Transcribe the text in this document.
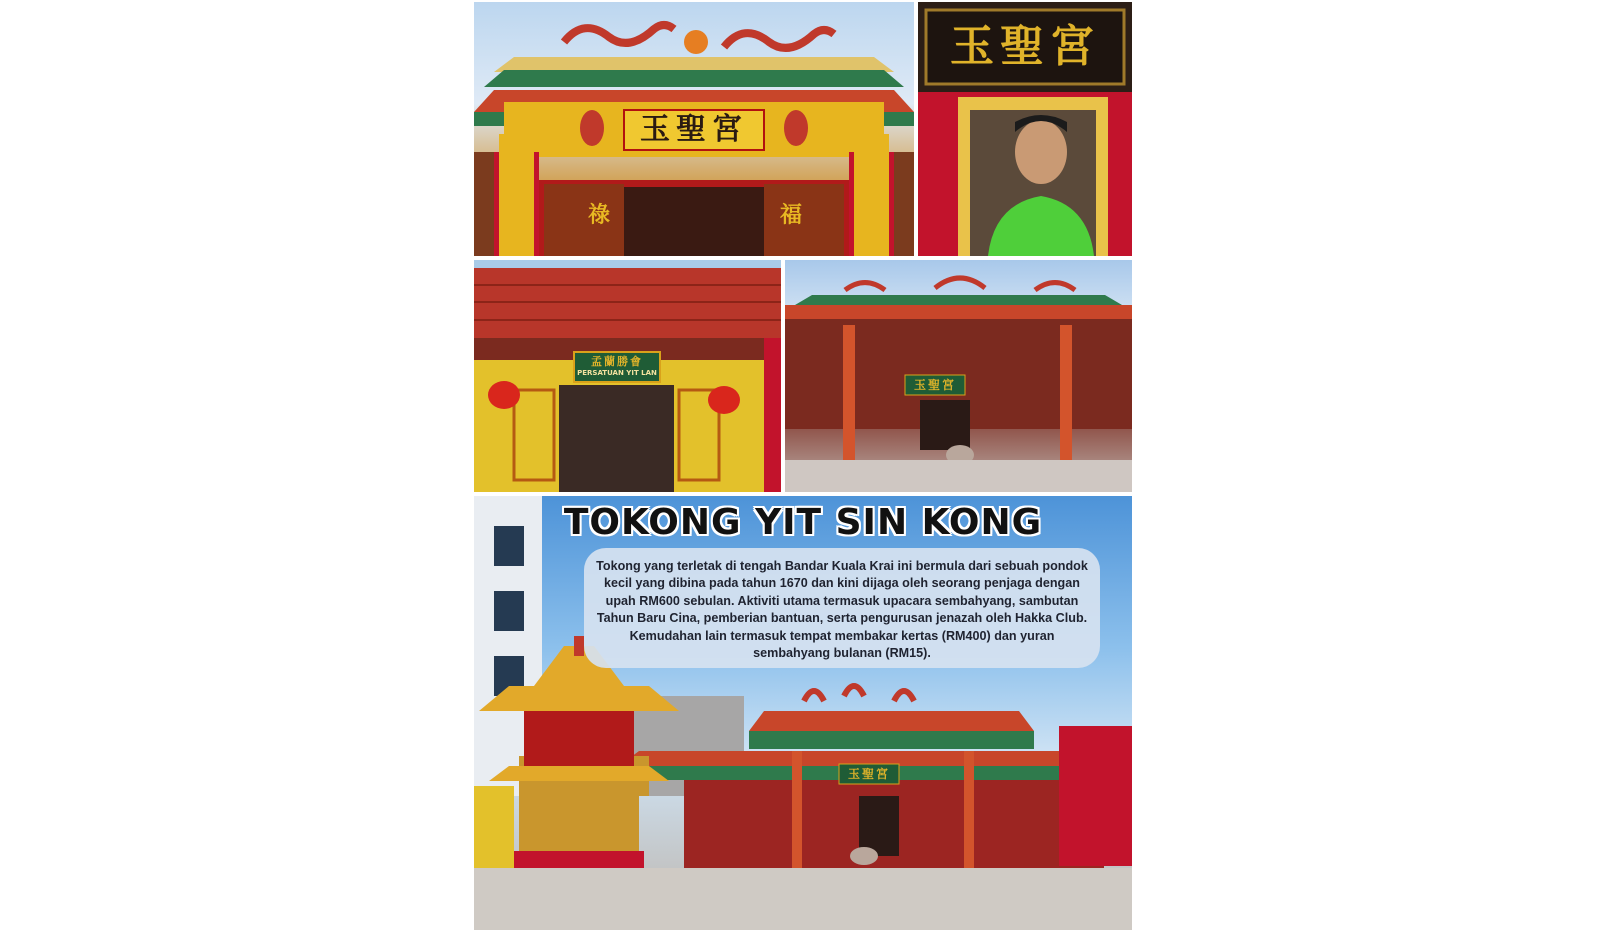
玉聖宮
祿	福
玉聖宮
孟蘭勝會
PERSATUAN YIT LAN
玉聖宮
TOKONG YIT SIN KONG
Tokong yang terletak di tengah Bandar Kuala Krai ini bermula dari sebuah pondok kecil yang dibina pada tahun 1670 dan kini dijaga oleh seorang penjaga dengan upah RM600 sebulan. Aktiviti utama termasuk upacara sembahyang, sambutan Tahun Baru Cina, pemberian bantuan, serta pengurusan jenazah oleh Hakka Club. Kemudahan lain termasuk tempat membakar kertas (RM400) dan yuran sembahyang bulanan (RM15).
玉聖宮
